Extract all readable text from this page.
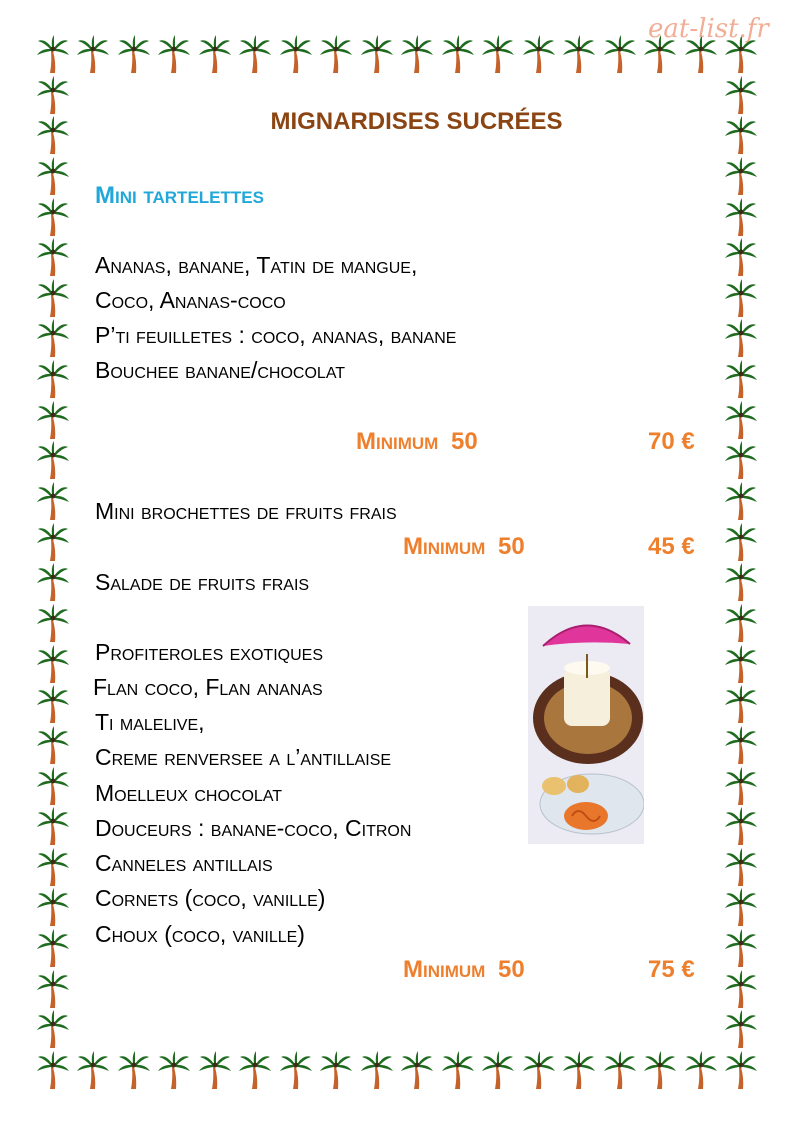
eat-list.fr
MIGNARDISES SUCRÉES
Mini tartelettes
Ananas, banane, Tatin de mangue,
Coco, Ananas-coco
P’ti feuilletes : coco, ananas, banane
Bouchee banane/chocolat
Minimum 50	70 €
Mini brochettes de fruits frais
Minimum 50	45 €
Salade de fruits frais
Profiteroles exotiques
Flan coco, Flan ananas
Ti malelive,
Creme renversee a l’antillaise
Moelleux chocolat
Douceurs : banane-coco, Citron
Canneles antillais
Cornets (coco, vanille)
Choux (coco, vanille)
Minimum 50	75 €
